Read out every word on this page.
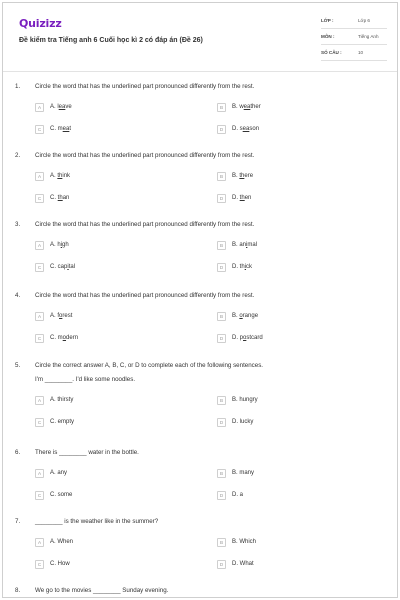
Quizizz
Đề kiểm tra Tiếng anh 6 Cuối học kì 2 có đáp án (Đề 26)
LỚP :	Lớp 6
MÔN :	Tiếng Anh
SỐ CÂU :	10
1. Circle the word that has the underlined part pronounced differently from the rest.
A	A. leave	B	B. weather
C	C. meat	D	D. season
2. Circle the word that has the underlined part pronounced differently from the rest.
A	A. think	B	B. there
C	C. than	D	D. then
3. Circle the word that has the underlined part pronounced differently from the rest.
A	A. high	B	B. animal
C	C. capital	D	D. thick
4. Circle the word that has the underlined part pronounced differently from the rest.
A	A. forest	B	B. orange
C	C. modern	D	D. postcard
5. Circle the correct answer A, B, C, or D to complete each of the following sentences.
I'm ________. I'd like some noodles.
A	A. thirsty	B	B. hungry
C	C. empty	D	D. lucky
6. There is ________ water in the bottle.
A	A. any	B	B. many
C	C. some	D	D. a
7. ________ is the weather like in the summer?
A	A. When	B	B. Which
C	C. How	D	D. What
8. We go to the movies ________ Sunday evening.
